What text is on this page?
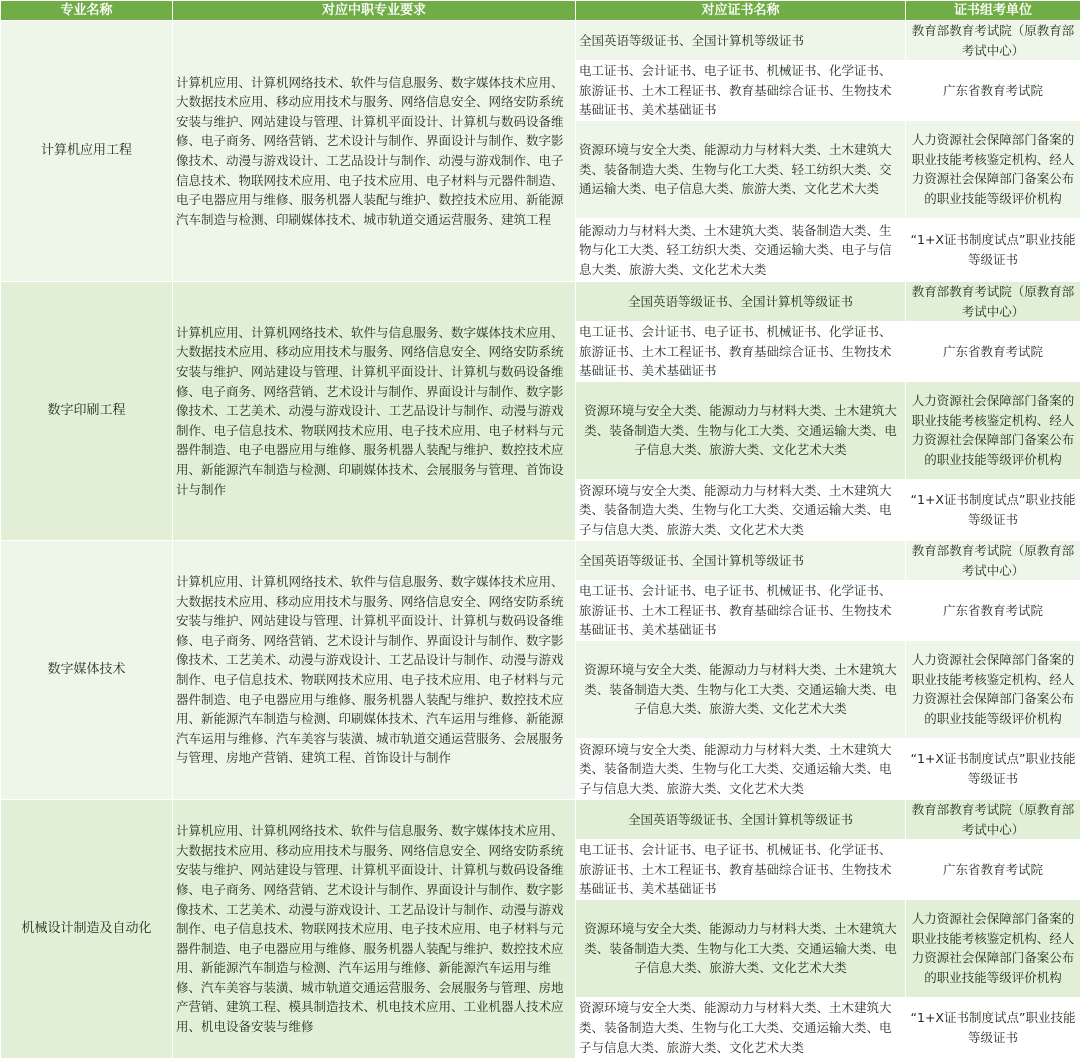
专业名称	对应中职专业要求	对应证书名称	证书组考单位
计算机应用工程	计算机应用、计算机网络技术、软件与信息服务、数字媒体技术应用、大数据技术应用、移动应用技术与服务、网络信息安全、网络安防系统安装与维护、网站建设与管理、计算机平面设计、计算机与数码设备维修、电子商务、网络营销、艺术设计与制作、界面设计与制作、数字影像技术、动漫与游戏设计、工艺品设计与制作、动漫与游戏制作、电子信息技术、物联网技术应用、电子技术应用、电子材料与元器件制造、电子电器应用与维修、服务机器人装配与维护、数控技术应用、新能源汽车制造与检测、印刷媒体技术、城市轨道交通运营服务、建筑工程	全国英语等级证书、全国计算机等级证书	教育部教育考试院（原教育部考试中心）
		电工证书、会计证书、电子证书、机械证书、化学证书、旅游证书、土木工程证书、教育基础综合证书、生物技术基础证书、美术基础证书	广东省教育考试院
		资源环境与安全大类、能源动力与材料大类、土木建筑大类、装备制造大类、生物与化工大类、轻工纺织大类、交通运输大类、电子信息大类、旅游大类、文化艺术大类	人力资源社会保障部门备案的职业技能考核鉴定机构、经人力资源社会保障部门备案公布的职业技能等级评价机构
		能源动力与材料大类、土木建筑大类、装备制造大类、生物与化工大类、轻工纺织大类、交通运输大类、电子与信息大类、旅游大类、文化艺术大类	“1+X证书制度试点”职业技能等级证书
数字印刷工程	计算机应用、计算机网络技术、软件与信息服务、数字媒体技术应用、大数据技术应用、移动应用技术与服务、网络信息安全、网络安防系统安装与维护、网站建设与管理、计算机平面设计、计算机与数码设备维修、电子商务、网络营销、艺术设计与制作、界面设计与制作、数字影像技术、工艺美术、动漫与游戏设计、工艺品设计与制作、动漫与游戏制作、电子信息技术、物联网技术应用、电子技术应用、电子材料与元器件制造、电子电器应用与维修、服务机器人装配与维护、数控技术应用、新能源汽车制造与检测、印刷媒体技术、会展服务与管理、首饰设计与制作	全国英语等级证书、全国计算机等级证书	教育部教育考试院（原教育部考试中心）
		电工证书、会计证书、电子证书、机械证书、化学证书、旅游证书、土木工程证书、教育基础综合证书、生物技术基础证书、美术基础证书	广东省教育考试院
		资源环境与安全大类、能源动力与材料大类、土木建筑大类、装备制造大类、生物与化工大类、交通运输大类、电子信息大类、旅游大类、文化艺术大类	人力资源社会保障部门备案的职业技能考核鉴定机构、经人力资源社会保障部门备案公布的职业技能等级评价机构
		资源环境与安全大类、能源动力与材料大类、土木建筑大类、装备制造大类、生物与化工大类、交通运输大类、电子与信息大类、旅游大类、文化艺术大类	“1+X证书制度试点”职业技能等级证书
数字媒体技术	计算机应用、计算机网络技术、软件与信息服务、数字媒体技术应用、大数据技术应用、移动应用技术与服务、网络信息安全、网络安防系统安装与维护、网站建设与管理、计算机平面设计、计算机与数码设备维修、电子商务、网络营销、艺术设计与制作、界面设计与制作、数字影像技术、工艺美术、动漫与游戏设计、工艺品设计与制作、动漫与游戏制作、电子信息技术、物联网技术应用、电子技术应用、电子材料与元器件制造、电子电器应用与维修、服务机器人装配与维护、数控技术应用、新能源汽车制造与检测、印刷媒体技术、汽车运用与维修、新能源汽车运用与维修、汽车美容与装潢、城市轨道交通运营服务、会展服务与管理、房地产营销、建筑工程、首饰设计与制作	全国英语等级证书、全国计算机等级证书	教育部教育考试院（原教育部考试中心）
		电工证书、会计证书、电子证书、机械证书、化学证书、旅游证书、土木工程证书、教育基础综合证书、生物技术基础证书、美术基础证书	广东省教育考试院
		资源环境与安全大类、能源动力与材料大类、土木建筑大类、装备制造大类、生物与化工大类、交通运输大类、电子信息大类、旅游大类、文化艺术大类	人力资源社会保障部门备案的职业技能考核鉴定机构、经人力资源社会保障部门备案公布的职业技能等级评价机构
		资源环境与安全大类、能源动力与材料大类、土木建筑大类、装备制造大类、生物与化工大类、交通运输大类、电子与信息大类、旅游大类、文化艺术大类	“1+X证书制度试点”职业技能等级证书
机械设计制造及自动化	计算机应用、计算机网络技术、软件与信息服务、数字媒体技术应用、大数据技术应用、移动应用技术与服务、网络信息安全、网络安防系统安装与维护、网站建设与管理、计算机平面设计、计算机与数码设备维修、电子商务、网络营销、艺术设计与制作、界面设计与制作、数字影像技术、工艺美术、动漫与游戏设计、工艺品设计与制作、动漫与游戏制作、电子信息技术、物联网技术应用、电子技术应用、电子材料与元器件制造、电子电器应用与维修、服务机器人装配与维护、数控技术应用、新能源汽车制造与检测、汽车运用与维修、新能源汽车运用与维修、汽车美容与装潢、城市轨道交通运营服务、会展服务与管理、房地产营销、建筑工程、模具制造技术、机电技术应用、工业机器人技术应用、机电设备安装与维修	全国英语等级证书、全国计算机等级证书	教育部教育考试院（原教育部考试中心）
		电工证书、会计证书、电子证书、机械证书、化学证书、旅游证书、土木工程证书、教育基础综合证书、生物技术基础证书、美术基础证书	广东省教育考试院
		资源环境与安全大类、能源动力与材料大类、土木建筑大类、装备制造大类、生物与化工大类、交通运输大类、电子信息大类、旅游大类、文化艺术大类	人力资源社会保障部门备案的职业技能考核鉴定机构、经人力资源社会保障部门备案公布的职业技能等级评价机构
		资源环境与安全大类、能源动力与材料大类、土木建筑大类、装备制造大类、生物与化工大类、交通运输大类、电子与信息大类、旅游大类、文化艺术大类	“1+X证书制度试点”职业技能等级证书
